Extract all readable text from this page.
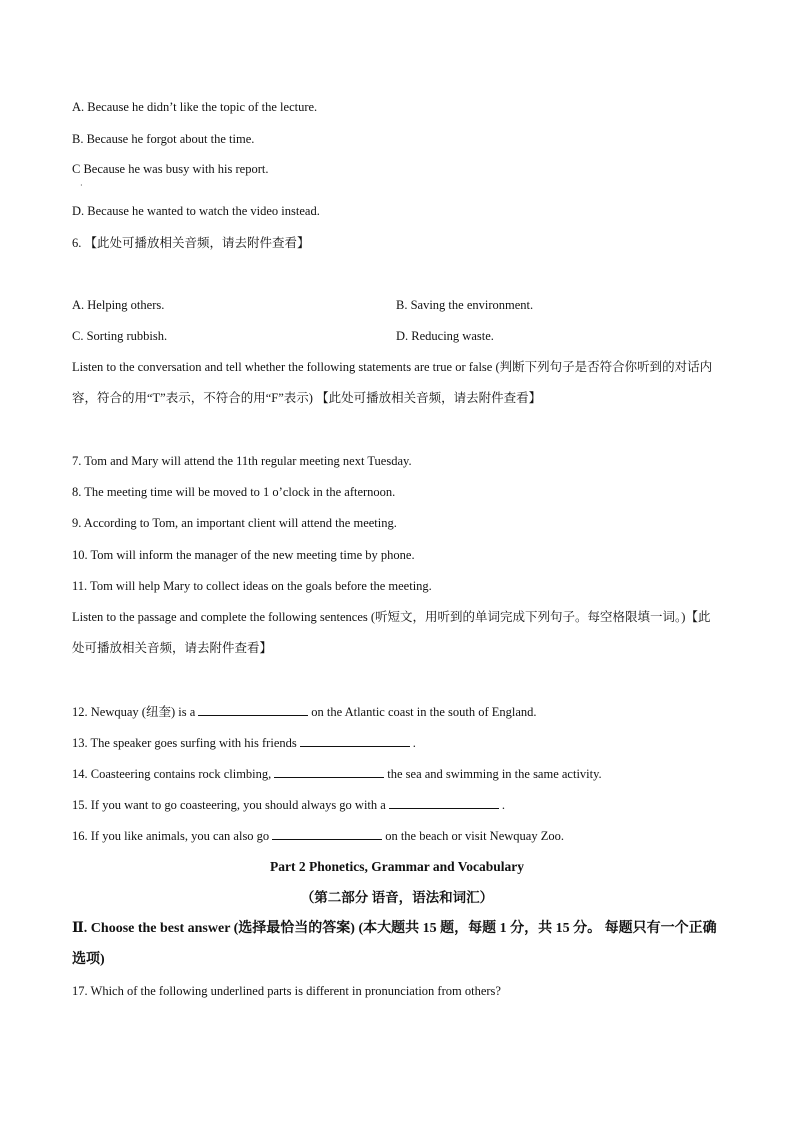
A. Because he didn’t like the topic of the lecture.
B. Because he forgot about the time.
C Because he was busy with his report.
·
D. Because he wanted to watch the video instead.
6. 【此处可播放相关音频，请去附件查看】
A. Helping others.	B. Saving the environment.
C. Sorting rubbish.	D. Reducing waste.
Listen to the conversation and tell whether the following statements are true or false (判断下列句子是否符合你听到的对话内容，符合的用“T”表示，不符合的用“F”表示) 【此处可播放相关音频，请去附件查看】
7. Tom and Mary will attend the 11th regular meeting next Tuesday.
8. The meeting time will be moved to 1 o’clock in the afternoon.
9. According to Tom, an important client will attend the meeting.
10. Tom will inform the manager of the new meeting time by phone.
11. Tom will help Mary to collect ideas on the goals before the meeting.
Listen to the passage and complete the following sentences (听短文，用听到的单词完成下列句子。每空格限填一词。)【此处可播放相关音频，请去附件查看】
12. Newquay (纽奎) is a	on the Atlantic coast in the south of England.
13. The speaker goes surfing with his friends	.
14. Coasteering contains rock climbing,	the sea and swimming in the same activity.
15. If you want to go coasteering, you should always go with a	.
16. If you like animals, you can also go	on the beach or visit Newquay Zoo.
Part 2 Phonetics, Grammar and Vocabulary
（第二部分 语音，语法和词汇）
Ⅱ. Choose the best answer (选择最恰当的答案) (本大题共 15 题，每题 1 分，共 15 分。 每题只有一个正确选项)
17. Which of the following underlined parts is different in pronunciation from others?
